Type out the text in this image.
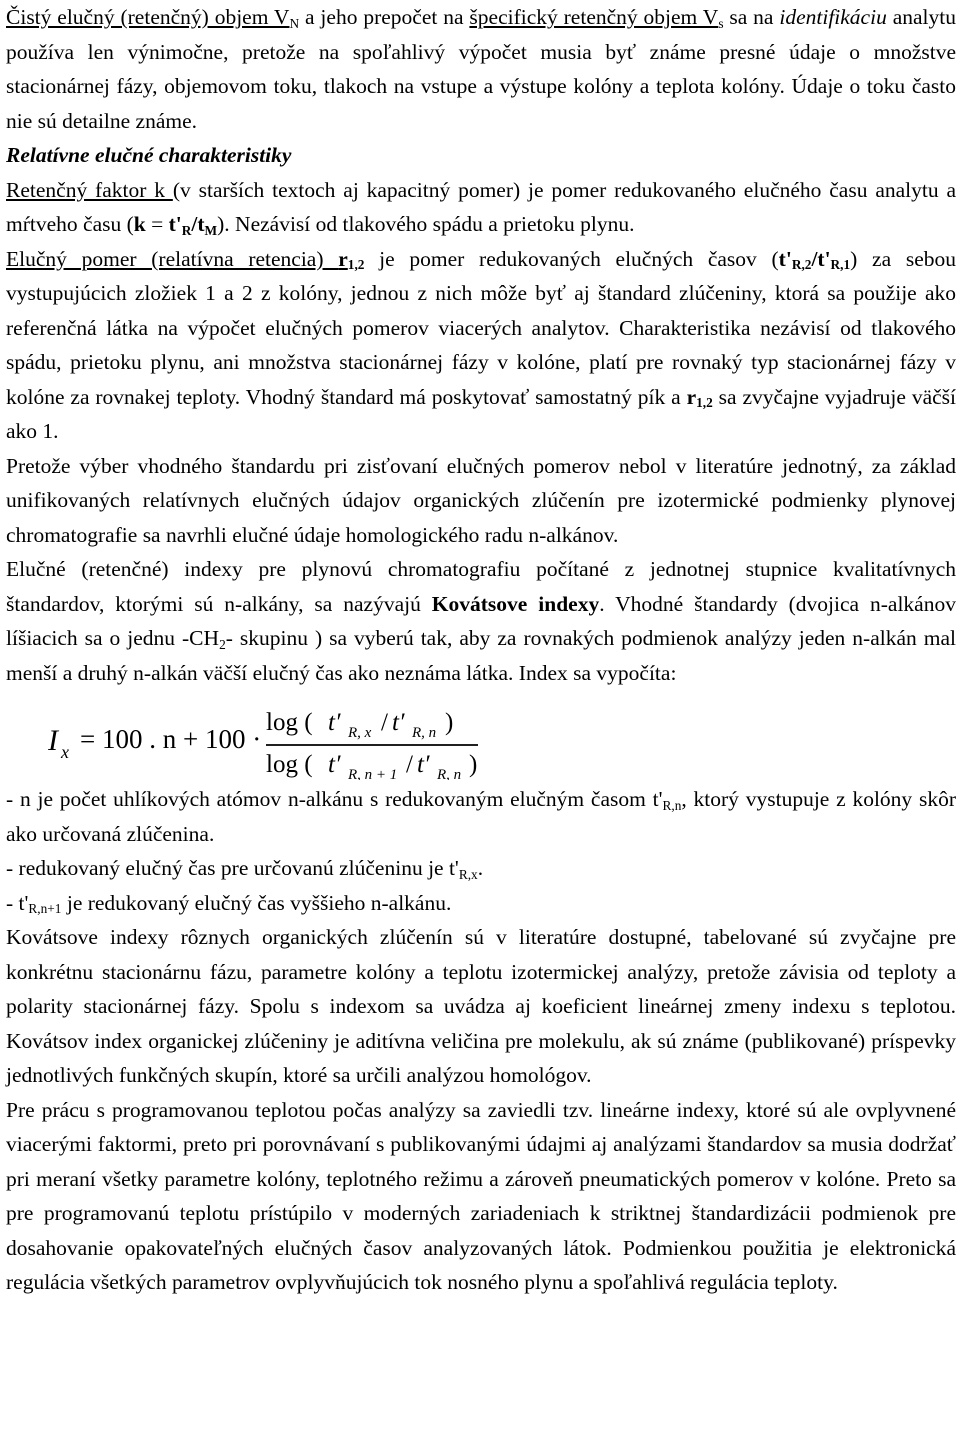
Čistý elučný (retenčný) objem $V_N$ a jeho prepočet na špecifický retenčný objem $V_s$ sa na identifikáciu analytu používa len výnimočne, pretože na spoľahlivý výpočet musia byť známe presné údaje o množstve stacionárnej fázy, objemovom toku, tlakoch na vstupe a výstupe kolóny a teplota kolóny. Údaje o toku často nie sú detailne známe.

Relatívne elučné charakteristiky

Retenčný faktor k (v starších textoch aj kapacitný pomer) je pomer redukovaného elučného času analytu a mŕtveho času $(k = t'_R/t_M)$. Nezávisí od tlakového spádu a prietoku plynu.

Elučný pomer (relatívna retencia) $r_{1,2}$ je pomer redukovaných elučných časov $(t'_{R,2}/t'_{R,1})$ za sebou vystupujúcich zložiek 1 a 2 z kolóny, jednou z nich môže byť aj štandard zlúčeniny, ktorá sa použije ako referenčná látka na výpočet elučných pomerov viacerých analytov. Charakteristika nezávisí od tlakového spádu, prietoku plynu, ani množstva stacionárnej fázy v kolóne, platí pre rovnaký typ stacionárnej fázy v kolóne za rovnakej teploty. Vhodný štandard má poskytovať samostatný pík a $r_{1,2}$ sa zvyčajne vyjadruje väčší ako 1.

Pretože výber vhodného štandardu pri zisťovaní elučných pomerov nebol v literatúre jednotný, za základ unifikovaných relatívnych elučných údajov organických zlúčenín pre izotermické podmienky plynovej chromatografie sa navrhli elučné údaje homologického radu n-alkánov.

Elučné (retenčné) indexy pre plynovú chromatografiu počítané z jednotnej stupnice kvalitatívnych štandardov, ktorými sú n-alkány, sa nazývajú Kovátsove indexy. Vhodné štandardy (dvojica n-alkánov líšiacich sa o jednu $-CH_2-$ skupinu ) sa vyberú tak, aby za rovnakých podmienok analýzy jeden n-alkán mal menší a druhý n-alkán väčší elučný čas ako neznáma látka. Index sa vypočíta:

I x = 100 . n + 100 ·
log ( t′ R, x / t′ R, n )
log ( t′ R, n + 1 / t′ R, n )

- n je počet uhlíkových atómov n-alkánu s redukovaným elučným časom $t'_{R,n}$, ktorý vystupuje z kolóny skôr ako určovaná zlúčenina.

- redukovaný elučný čas pre určovanú zlúčeninu je $t'_{R,x}$.

- $t'_{R,n+1}$ je redukovaný elučný čas vyššieho n-alkánu.

Kovátsove indexy rôznych organických zlúčenín sú v literatúre dostupné, tabelované sú zvyčajne pre konkrétnu stacionárnu fázu, parametre kolóny a teplotu izotermickej analýzy, pretože závisia od teploty a polarity stacionárnej fázy. Spolu s indexom sa uvádza aj koeficient lineárnej zmeny indexu s teplotou. Kovátsov index organickej zlúčeniny je aditívna veličina pre molekulu, ak sú známe (publikované) príspevky jednotlivých funkčných skupín, ktoré sa určili analýzou homológov.

Pre prácu s programovanou teplotou počas analýzy sa zaviedli tzv. lineárne indexy, ktoré sú ale ovplyvnené viacerými faktormi, preto pri porovnávaní s publikovanými údajmi aj analýzami štandardov sa musia dodržať pri meraní všetky parametre kolóny, teplotného režimu a zároveň pneumatických pomerov v kolóne. Preto sa pre programovanú teplotu prístúpilo v moderných zariadeniach k striktnej štandardizácii podmienok pre dosahovanie opakovateľných elučných časov analyzovaných látok. Podmienkou použitia je elektronická regulácia všetkých parametrov ovplyvňujúcich tok nosného plynu a spoľahlivá regulácia teploty.
